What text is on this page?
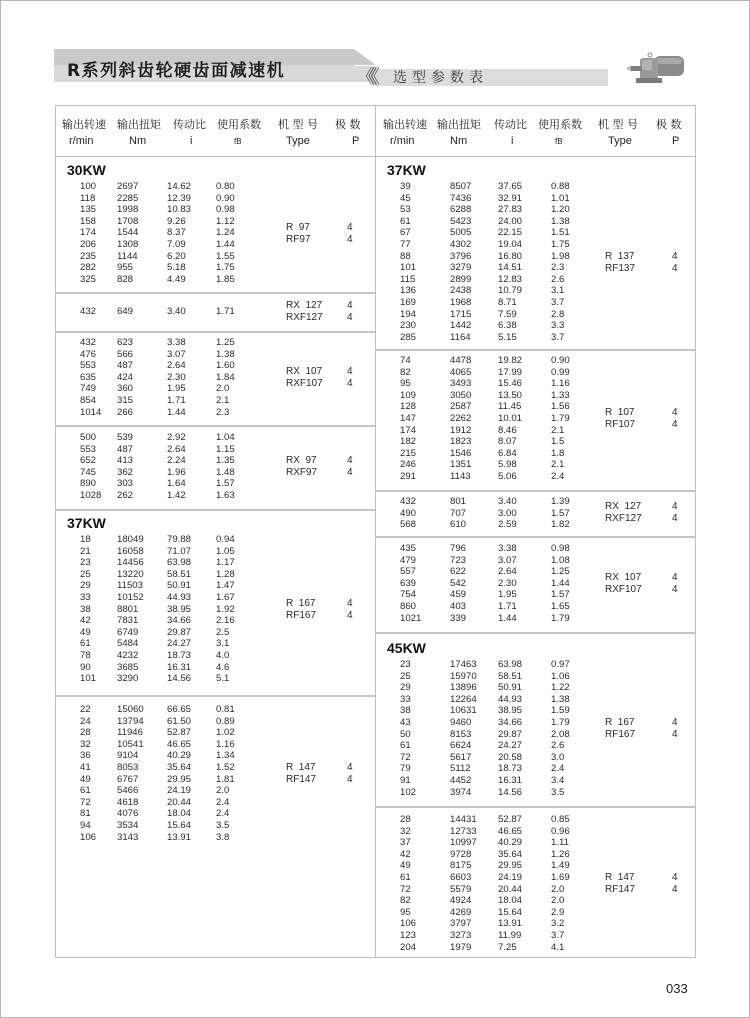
R系列斜齿轮硬齿面减速机	《《《 选型参数表
输出转速 输出扭矩 传动比 使用系数 机 型 号 极 数
r/min	Nm	i	fB	Type	P
输出转速 输出扭矩 传动比 使用系数 机 型 号 极 数
r/min	Nm	i	fB	Type	P
30KW
100 2697	14.62	0.80
118 2285	12.39	0.90
135 1998	10.83	0.98
158 1708	9.26	1.12
174 1544	8.37	1.24
206 1308	7.09	1.44
235 1144	6.20	1.55
282 955	5.18	1.75
325 828	4.49	1.85
R  97	4
RF97	4
432 649	3.40	1.71
RX  127 4
RXF127 4
432 623	3.38	1.25
476 566	3.07	1.38
553 487	2.64	1.60
635 424	2.30	1.84
749 360	1.95	2.0
854 315	1.71	2.1
1014 266	1.44	2.3
RX  107 4
RXF107 4
500 539	2.92	1.04
553 487	2.64	1.15
652 413	2.24	1.35
745 362	1.96	1.48
890 303	1.64	1.57
1028 262	1.42	1.63
RX  97	4
RXF97	4
37KW
18	18049 79.88	0.94
21	16058 71.07	1.05
23	14456 63.98	1.17
25	13220 58.51	1.28
29	11503	50.91	1.47
33	10152 44.93	1.67
38	8801	38.95	1.92
42	7831	34.66	2.16
49	6749	29.87	2.5
61	5484	24.27	3.1
78	4232	18.73	4.0
90	3685	16.31	4.6
101 3290	14.56	5.1
R  167	4
RF167	4
22	15060 66.65	0.81
24	13794 61.50	0.89
28	11946	52.87	1.02
32	10541 46.65	1.16
36	9104	40.29	1.34
41	8053	35.64	1.52
49	6767	29.95	1.81
61	5466	24.19	2.0
72	4618	20.44	2.4
81	4076	18.04	2.4
94	3534	15.64	3.5
106 3143	13.91	3.8
R  147	4
RF147	4
37KW
39	8507	37.65	0.88
45	7436	32.91	1.01
53	6288	27.83	1.20
61	5423	24.00	1.38
67	5005	22.15	1.51
77	4302	19.04	1.75
88	3796	16.80	1.98
101	3279	14.51	2.3
115	2899	12.83	2.6
136	2438	10.79	3.1
169	1968	8.71	3.7
194	1715	7.59	2.8
230	1442	6.38	3.3
285	1164	5.15	3.7
R  137	4
RF137	4
74	4478	19.82	0.90
82	4065	17.99	0.99
95	3493	15.46	1.16
109	3050	13.50	1.33
128	2587	11.45	1.56
147	2262	10.01	1.79
174	1912	8.46	2.1
182	1823	8.07	1.5
215	1546	6.84	1.8
246	1351	5.98	2.1
291	1143	5.06	2.4
R  107	4
RF107	4
432	801	3.40	1.39
490	707	3.00	1.57
568	610	2.59	1.82
RX  127	4
RXF127	4
435	796	3.38	0.98
479	723	3.07	1.08
557	622	2.64	1.25
639	542	2.30	1.44
754	459	1.95	1.57
860	403	1.71	1.65
1021	339	1.44	1.79
RX  107	4
RXF107	4
45KW
23	17463 63.98	0.97
25	15970 58.51	1.06
29	13896 50.91	1.22
33	12264 44.93	1.38
38	10631 38.95	1.59
43	9460	34.66	1.79
50	8153	29.87	2.08
61	6624	24.27	2.6
72	5617	20.58	3.0
79	5112	18.73	2.4
91	4452	16.31	3.4
102	3974	14.56	3.5
R  167	4
RF167	4
28	14431 52.87	0.85
32	12733 46.65	0.96
37	10997 40.29	1.11
42	9728	35.64	1.26
49	8175	29.95	1.49
61	6603	24.19	1.69
72	5579	20.44	2.0
82	4924	18.04	2.0
95	4269	15.64	2.9
106	3797	13.91	3.2
123	3273	11.99	3.7
204	1979	7.25	4.1
R  147	4
RF147	4
033
